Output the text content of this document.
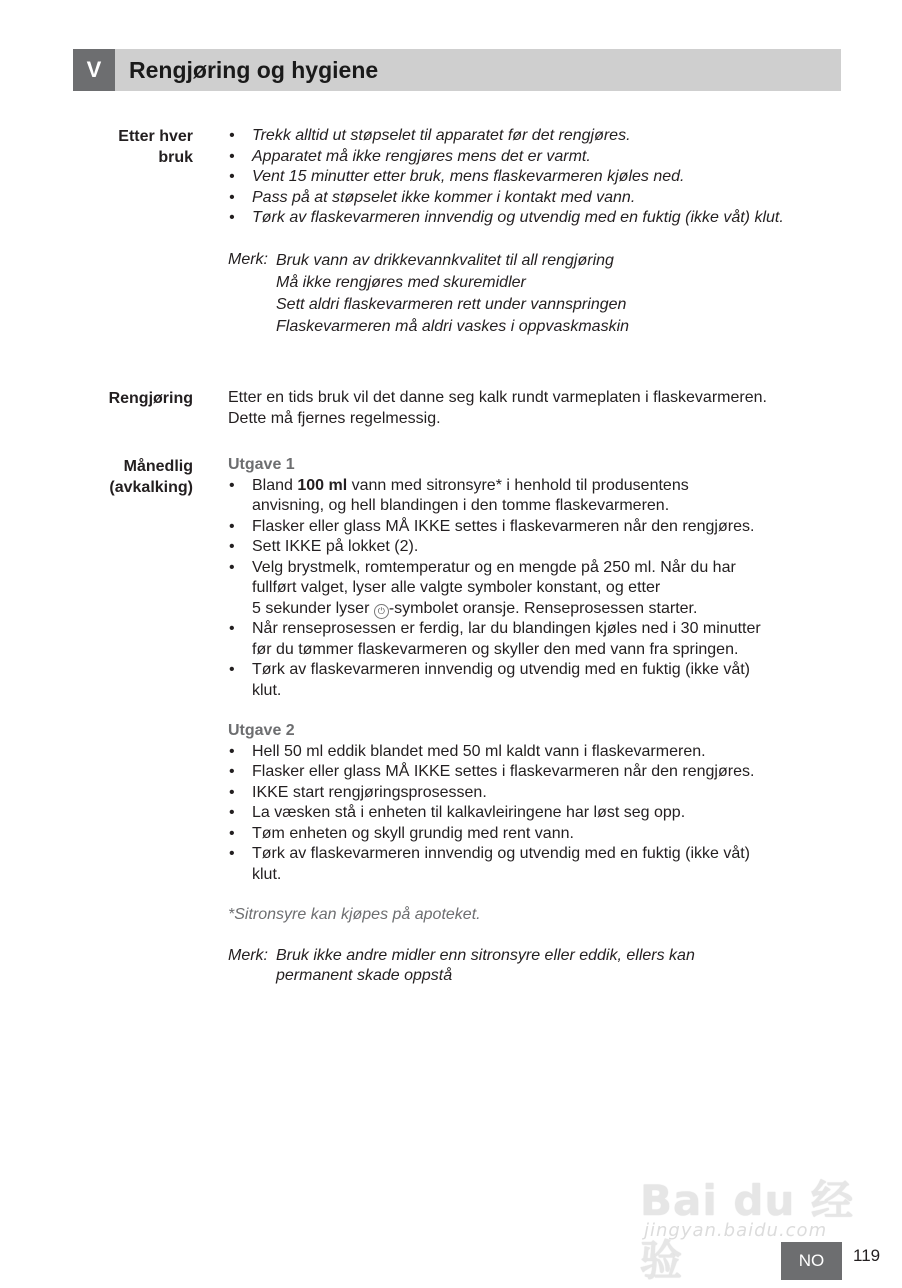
V	Rengjøring og hygiene
Etter hver
bruk
• Trekk alltid ut støpselet til apparatet før det rengjøres.
• Apparatet må ikke rengjøres mens det er varmt.
• Vent 15 minutter etter bruk, mens flaskevarmeren kjøles ned.
• Pass på at støpselet ikke kommer i kontakt med vann.
• Tørk av flaskevarmeren innvendig og utvendig med en fuktig (ikke våt) klut.
Merk: Bruk vann av drikkevannkvalitet til all rengjøring
Må ikke rengjøres med skuremidler
Sett aldri flaskevarmeren rett under vannspringen
Flaskevarmeren må aldri vaskes i oppvaskmaskin
Rengjøring Etter en tids bruk vil det danne seg kalk rundt varmeplaten i flaskevarmeren.
Dette må fjernes regelmessig.
Månedlig
(avkalking)
Utgave 1
• Bland 100 ml vann med sitronsyre* i henhold til produsentens
anvisning, og hell blandingen i den tomme flaskevarmeren.
• Flasker eller glass MÅ IKKE settes i flaskevarmeren når den rengjøres.
• Sett IKKE på lokket (2).
• Velg brystmelk, romtemperatur og en mengde på 250 ml. Når du har
fullført valget, lyser alle valgte symboler konstant, og etter
5 sekunder lyser ⏻ -symbolet oransje. Renseprosessen starter.
• Når renseprosessen er ferdig, lar du blandingen kjøles ned i 30 minutter
før du tømmer flaskevarmeren og skyller den med vann fra springen.
• Tørk av flaskevarmeren innvendig og utvendig med en fuktig (ikke våt)
klut.
Utgave 2
• Hell 50 ml eddik blandet med 50 ml kaldt vann i flaskevarmeren.
• Flasker eller glass MÅ IKKE settes i flaskevarmeren når den rengjøres.
• IKKE start rengjøringsprosessen.
• La væsken stå i enheten til kalkavleiringene har løst seg opp.
• Tøm enheten og skyll grundig med rent vann.
• Tørk av flaskevarmeren innvendig og utvendig med en fuktig (ikke våt)
klut.
*Sitronsyre kan kjøpes på apoteket.
Merk: Bruk ikke andre midler enn sitronsyre eller eddik, ellers kan
permanent skade oppstå
Bai du 经验
jingyan.baidu.com
NO	119
